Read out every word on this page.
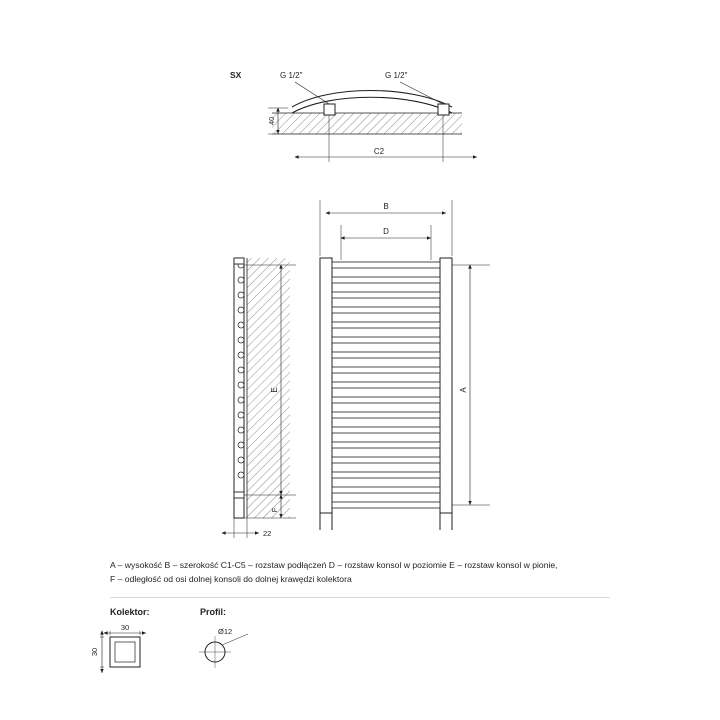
SX	G 1/2"	G 1/2"
40
C2
B
D
A
E
F
22
30
30
Ø12
A – wysokość B – szerokość C1-C5 – rozstaw podłączeń D – rozstaw konsol w poziomie E – rozstaw konsol w pionie,
F – odległość od osi dolnej konsoli do dolnej krawędzi kolektora
Kolektor:	Profil:
